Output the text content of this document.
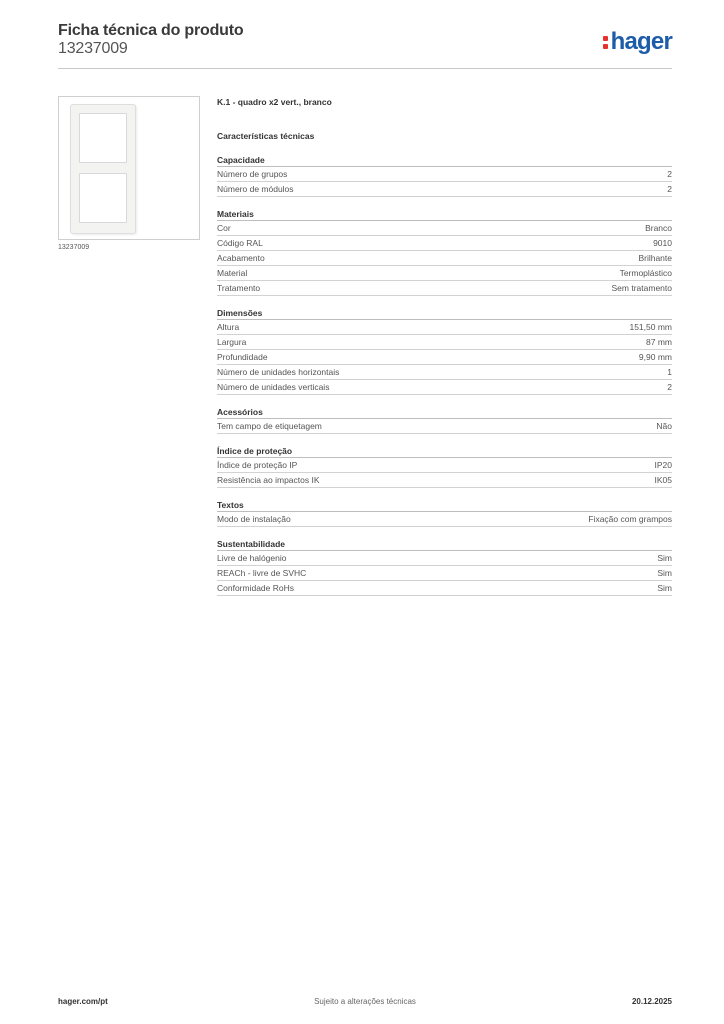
Ficha técnica do produto
13237009	hager
13237009
K.1 - quadro x2 vert., branco
Características técnicas
Capacidade
Número de grupos	2
Número de módulos	2
Materiais
Cor	Branco
Código RAL	9010
Acabamento	Brilhante
Material	Termoplástico
Tratamento	Sem tratamento
Dimensões
Altura	151,50 mm
Largura	87 mm
Profundidade	9,90 mm
Número de unidades horizontais	1
Número de unidades verticais	2
Acessórios
Tem campo de etiquetagem	Não
Índice de proteção
Índice de proteção IP	IP20
Resistência ao impactos IK	IK05
Textos
Modo de instalação	Fixação com grampos
Sustentabilidade
Livre de halógenio	Sim
REACh - livre de SVHC	Sim
Conformidade RoHs	Sim
Sujeito a alterações técnicas
hager.com/pt	20.12.2025
